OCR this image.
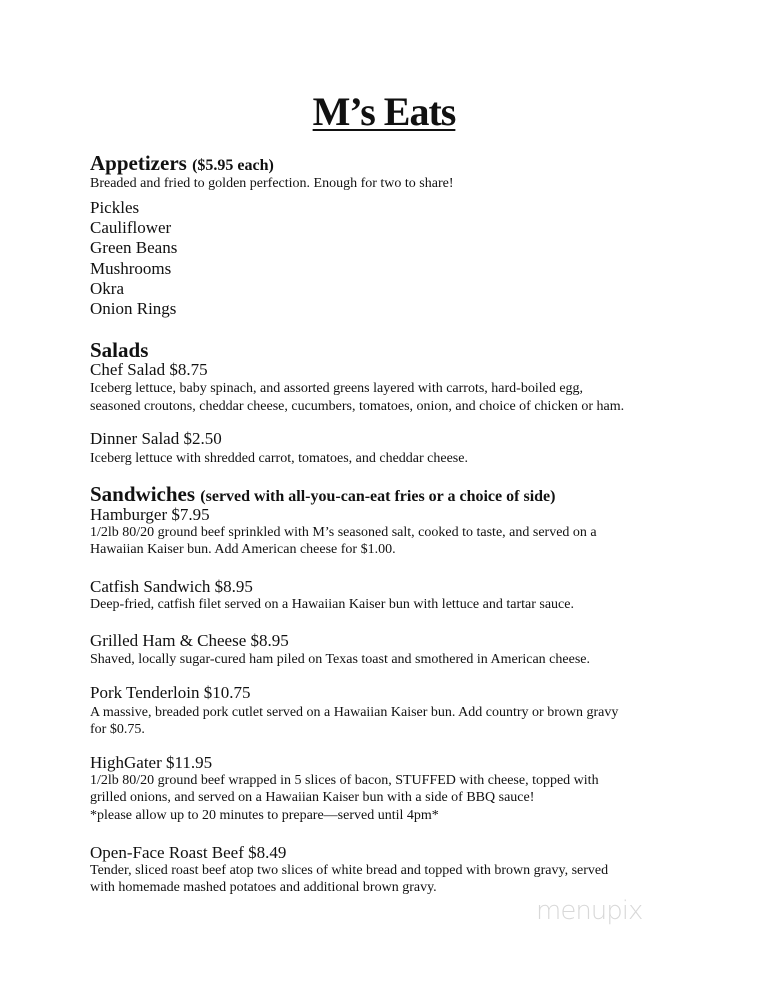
M’s Eats
Appetizers ($5.95 each)
Breaded and fried to golden perfection. Enough for two to share!
Pickles
Cauliflower
Green Beans
Mushrooms
Okra
Onion Rings
Salads
Chef Salad $8.75
Iceberg lettuce, baby spinach, and assorted greens layered with carrots, hard-boiled egg,
seasoned croutons, cheddar cheese, cucumbers, tomatoes, onion, and choice of chicken or ham.
Dinner Salad $2.50
Iceberg lettuce with shredded carrot, tomatoes, and cheddar cheese.
Sandwiches (served with all-you-can-eat fries or a choice of side)
Hamburger $7.95
1/2lb 80/20 ground beef sprinkled with M’s seasoned salt, cooked to taste, and served on a
Hawaiian Kaiser bun. Add American cheese for $1.00.
Catfish Sandwich $8.95
Deep-fried, catfish filet served on a Hawaiian Kaiser bun with lettuce and tartar sauce.
Grilled Ham & Cheese $8.95
Shaved, locally sugar-cured ham piled on Texas toast and smothered in American cheese.
Pork Tenderloin $10.75
A massive, breaded pork cutlet served on a Hawaiian Kaiser bun. Add country or brown gravy
for $0.75.
HighGater $11.95
1/2lb 80/20 ground beef wrapped in 5 slices of bacon, STUFFED with cheese, topped with
grilled onions, and served on a Hawaiian Kaiser bun with a side of BBQ sauce!
*please allow up to 20 minutes to prepare—served until 4pm*
Open-Face Roast Beef $8.49
Tender, sliced roast beef atop two slices of white bread and topped with brown gravy, served
with homemade mashed potatoes and additional brown gravy.
menupix
